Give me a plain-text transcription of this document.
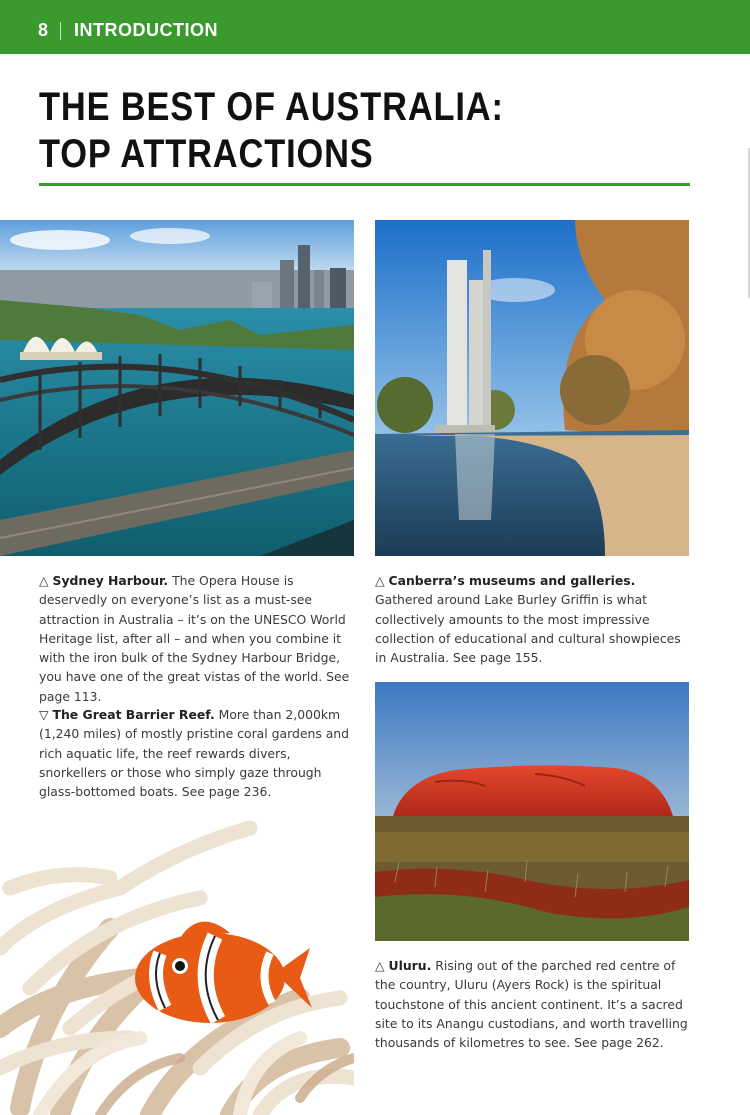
8 INTRODUCTION
THE BEST OF AUSTRALIA:
TOP ATTRACTIONS
△ Sydney Harbour. The Opera House is deservedly on everyone’s list as a must-see attraction in Australia – it’s on the UNESCO World Heritage list, after all – and when you combine it with the iron bulk of the Sydney Harbour Bridge, you have one of the great vistas of the world. See page 113.
▽ The Great Barrier Reef. More than 2,000km (1,240 miles) of mostly pristine coral gardens and rich aquatic life, the reef rewards divers, snorkellers or those who simply gaze through glass-bottomed boats. See page 236.
△ Canberra’s museums and galleries. Gathered around Lake Burley Griffin is what collectively amounts to the most impressive collection of educational and cultural showpieces in Australia. See page 155.
△ Uluru. Rising out of the parched red centre of the country, Uluru (Ayers Rock) is the spiritual touchstone of this ancient continent. It’s a sacred site to its Anangu custodians, and worth travelling thousands of kilometres to see. See page 262.
